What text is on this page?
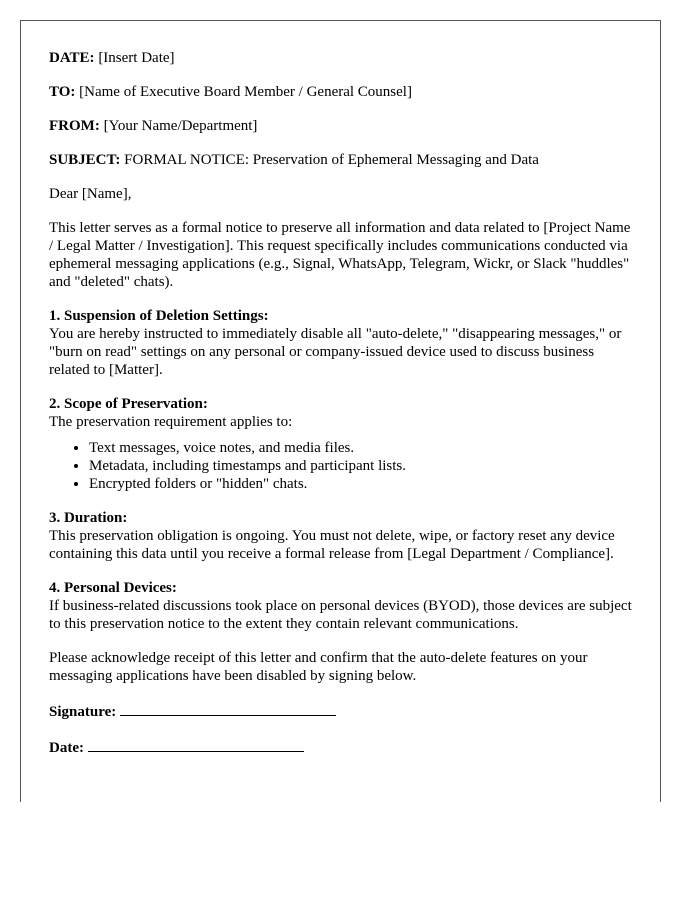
DATE: [Insert Date]
TO: [Name of Executive Board Member / General Counsel]
FROM: [Your Name/Department]
SUBJECT: FORMAL NOTICE: Preservation of Ephemeral Messaging and Data
Dear [Name],
This letter serves as a formal notice to preserve all information and data related to [Project Name / Legal Matter / Investigation]. This request specifically includes communications conducted via ephemeral messaging applications (e.g., Signal, WhatsApp, Telegram, Wickr, or Slack "huddles" and "deleted" chats).
1. Suspension of Deletion Settings:
You are hereby instructed to immediately disable all "auto-delete," "disappearing messages," or "burn on read" settings on any personal or company-issued device used to discuss business related to [Matter].
2. Scope of Preservation:
The preservation requirement applies to:
• Text messages, voice notes, and media files.
• Metadata, including timestamps and participant lists.
• Encrypted folders or "hidden" chats.
3. Duration:
This preservation obligation is ongoing. You must not delete, wipe, or factory reset any device containing this data until you receive a formal release from [Legal Department / Compliance].
4. Personal Devices:
If business-related discussions took place on personal devices (BYOD), those devices are subject to this preservation notice to the extent they contain relevant communications.
Please acknowledge receipt of this letter and confirm that the auto-delete features on your messaging applications have been disabled by signing below.
Signature:
Date:
